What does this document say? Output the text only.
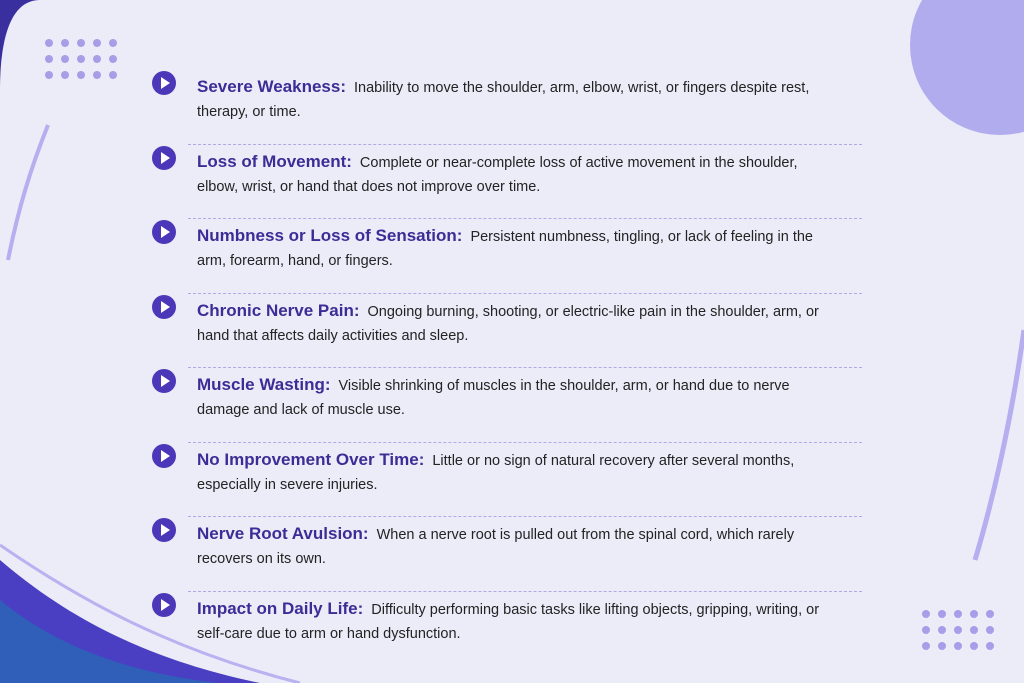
Severe Weakness: Inability to move the shoulder, arm, elbow, wrist, or fingers despite rest, therapy, or time.
Loss of Movement: Complete or near-complete loss of active movement in the shoulder, elbow, wrist, or hand that does not improve over time.
Numbness or Loss of Sensation: Persistent numbness, tingling, or lack of feeling in the arm, forearm, hand, or fingers.
Chronic Nerve Pain: Ongoing burning, shooting, or electric-like pain in the shoulder, arm, or hand that affects daily activities and sleep.
Muscle Wasting: Visible shrinking of muscles in the shoulder, arm, or hand due to nerve damage and lack of muscle use.
No Improvement Over Time: Little or no sign of natural recovery after several months, especially in severe injuries.
Nerve Root Avulsion: When a nerve root is pulled out from the spinal cord, which rarely recovers on its own.
Impact on Daily Life: Difficulty performing basic tasks like lifting objects, gripping, writing, or self-care due to arm or hand dysfunction.
